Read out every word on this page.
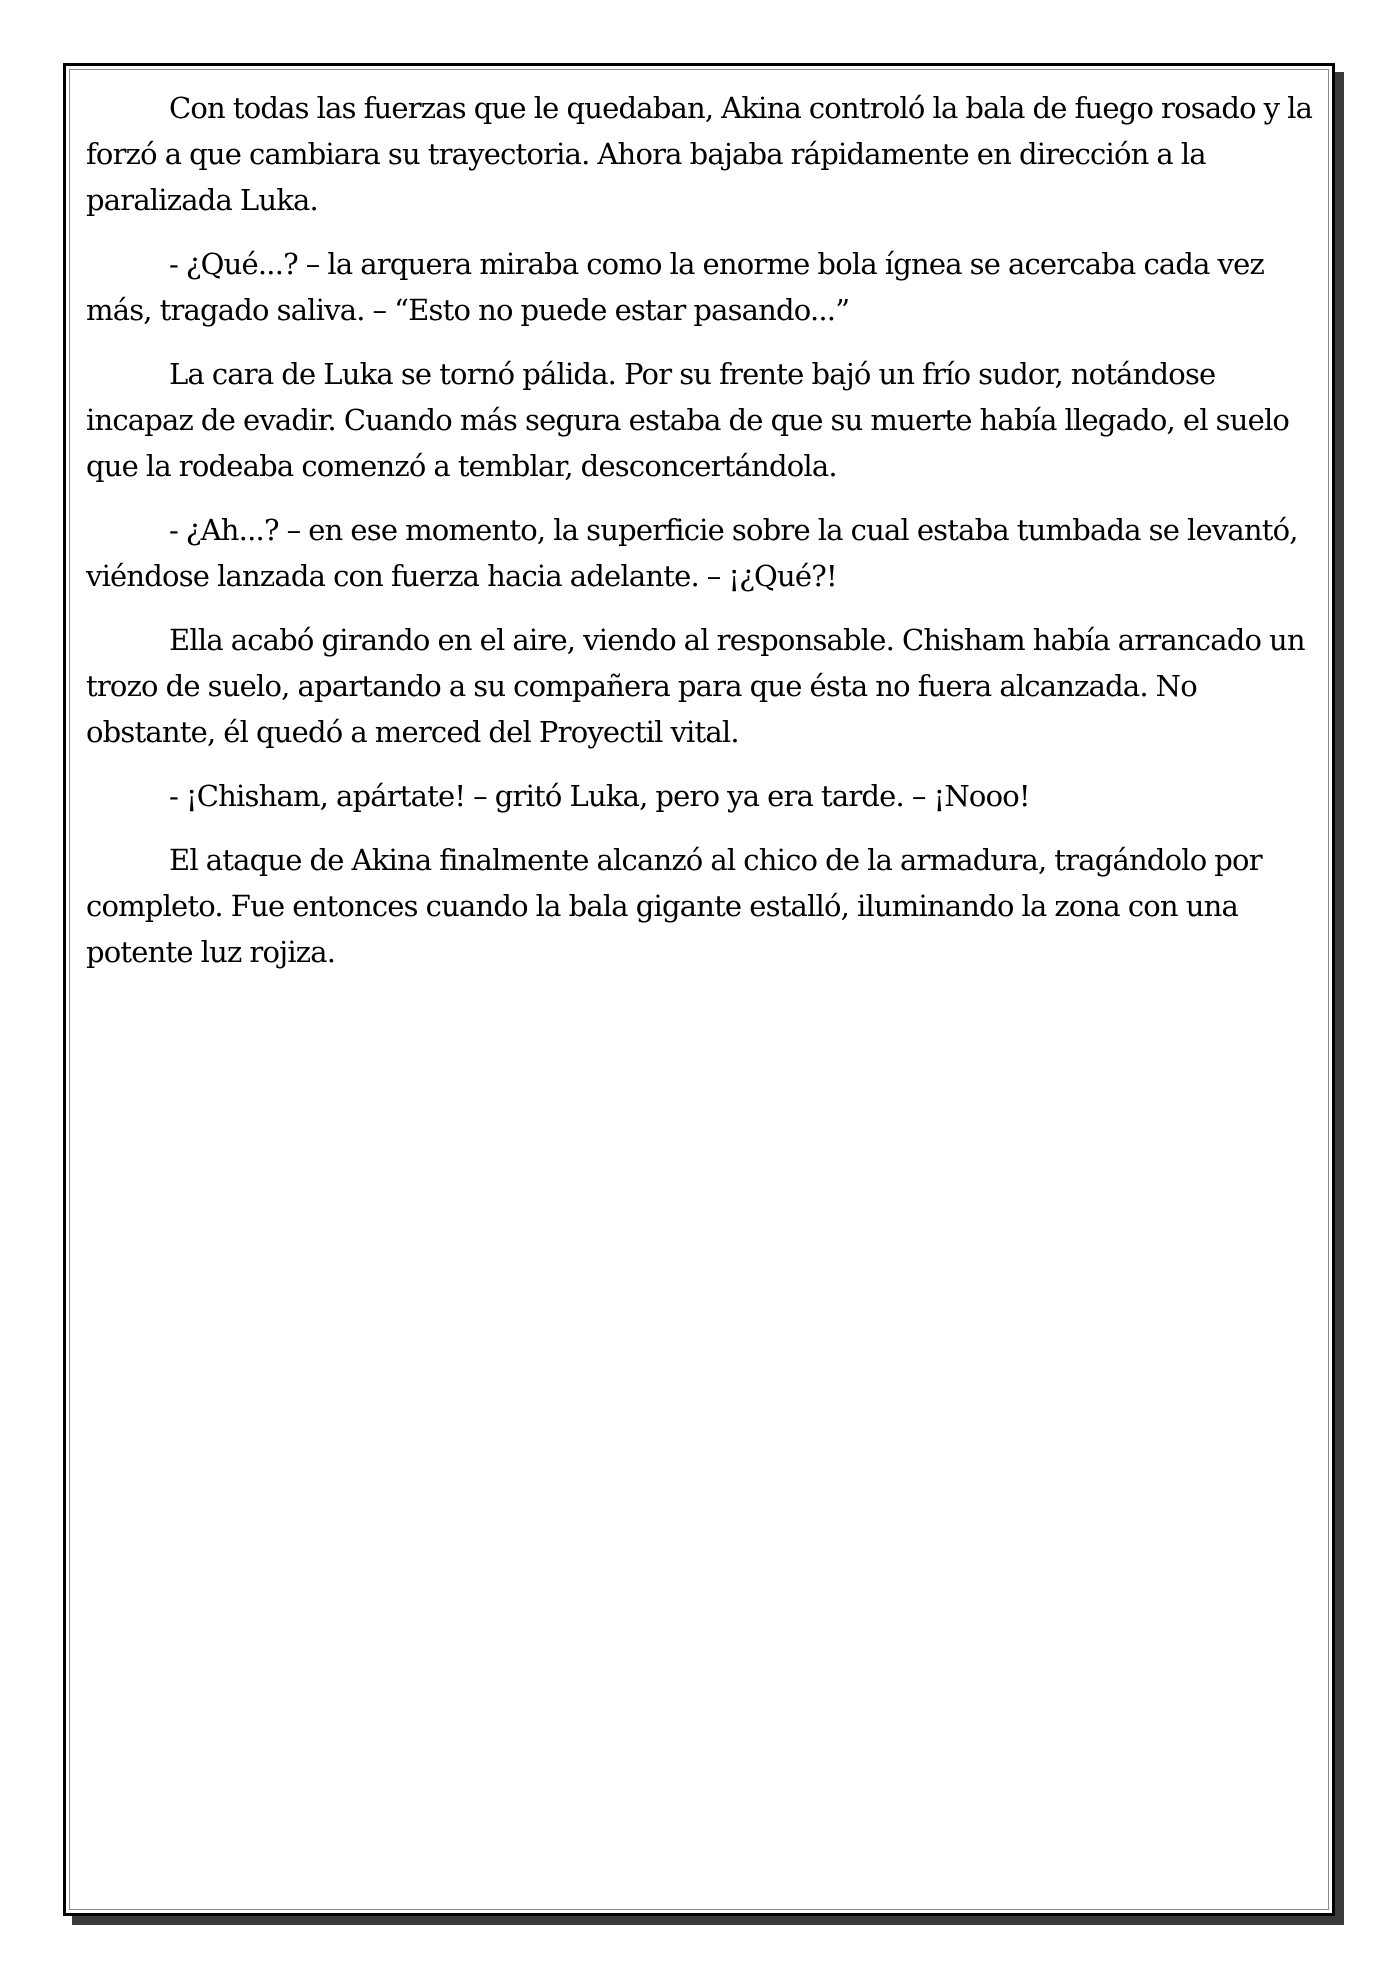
Con todas las fuerzas que le quedaban, Akina controló la bala de fuego rosado y la forzó a que cambiara su trayectoria. Ahora bajaba rápidamente en dirección a la paralizada Luka.

- ¿Qué...? – la arquera miraba como la enorme bola ígnea se acercaba cada vez más, tragado saliva. – “Esto no puede estar pasando...”

La cara de Luka se tornó pálida. Por su frente bajó un frío sudor, notándose incapaz de evadir. Cuando más segura estaba de que su muerte había llegado, el suelo que la rodeaba comenzó a temblar, desconcertándola.

- ¿Ah...? – en ese momento, la superficie sobre la cual estaba tumbada se levantó, viéndose lanzada con fuerza hacia adelante. – ¡¿Qué?!

Ella acabó girando en el aire, viendo al responsable. Chisham había arrancado un trozo de suelo, apartando a su compañera para que ésta no fuera alcanzada. No obstante, él quedó a merced del Proyectil vital.

- ¡Chisham, apártate! – gritó Luka, pero ya era tarde. – ¡Nooo!

El ataque de Akina finalmente alcanzó al chico de la armadura, tragándolo por completo. Fue entonces cuando la bala gigante estalló, iluminando la zona con una potente luz rojiza.
